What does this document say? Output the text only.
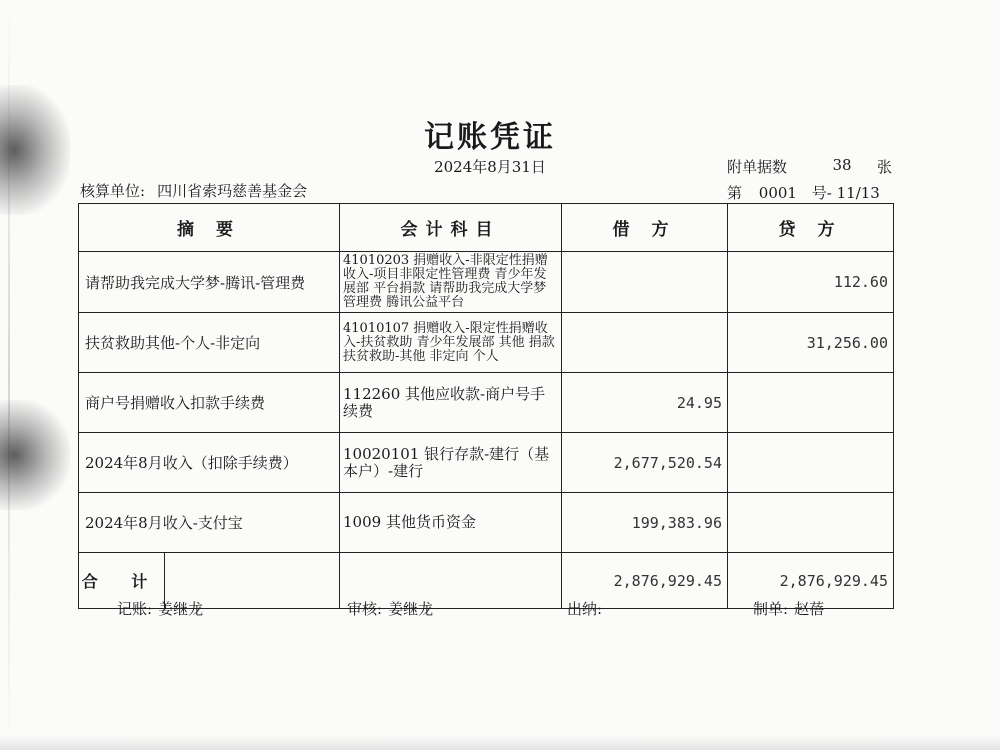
记账凭证
2024年8月31日	附单据数	38 张
第 0001 号- 11/13
核算单位: 四川省索玛慈善基金会
摘 要	会计科目	借 方	贷 方
请帮助我完成大学梦-腾讯-管理费	41010203 捐赠收入-非限定性捐赠收入-项目非限定性管理费 青少年发展部 平台捐款 请帮助我完成大学梦 管理费 腾讯公益平台		112.60
扶贫救助其他-个人-非定向	41010107 捐赠收入-限定性捐赠收入-扶贫救助 青少年发展部 其他 捐款 扶贫救助-其他 非定向 个人		31,256.00
商户号捐赠收入扣款手续费	112260 其他应收款-商户号手续费	24.95	
2024年8月收入（扣除手续费）	10020101 银行存款-建行（基本户）-建行	2,677,520.54	
2024年8月收入-支付宝	1009 其他货币资金	199,383.96	

合 计		2,876,929.45	2,876,929.45
记账: 姜继龙	审核: 姜继龙	出纳:	制单: 赵蓓
